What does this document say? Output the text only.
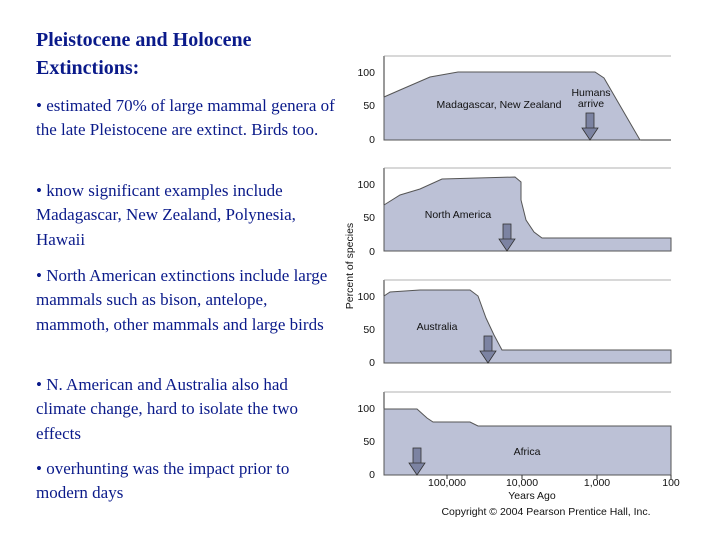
Pleistocene and Holocene Extinctions:
• estimated 70% of large mammal genera of the late Pleistocene are extinct. Birds too.
• know significant examples include Madagascar, New Zealand, Polynesia, Hawaii
• North American extinctions include large mammals such as bison, antelope, mammoth, other mammals and large birds
• N. American and Australia also had climate change, hard to isolate the two effects
• overhunting was the impact prior to modern days
100
50
0
Madagascar, New Zealand
Humans arrive
100
50
0
North America
Percent of species 100
50
0
Australia
100
50
0
Africa
100,000	10,000	1,000	100
Years Ago
Copyright © 2004 Pearson Prentice Hall, Inc.
